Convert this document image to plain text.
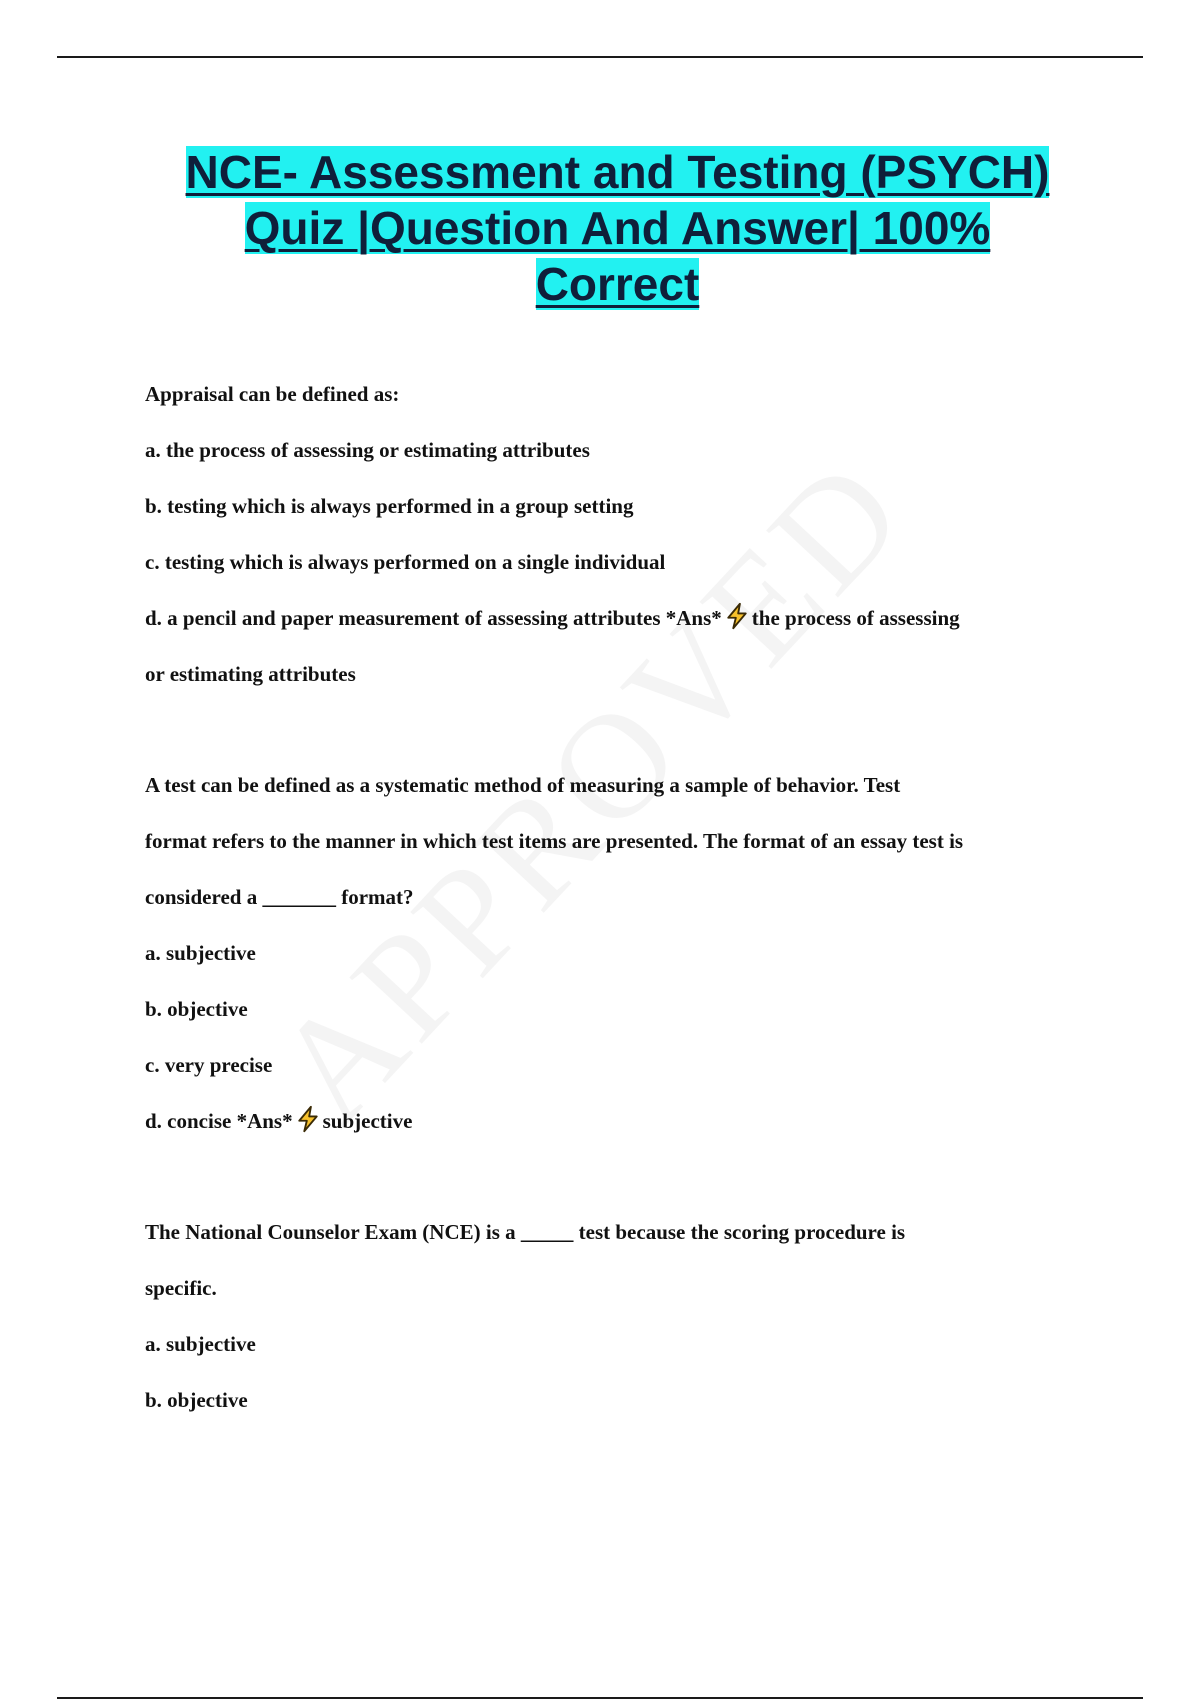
NCE- Assessment and Testing (PSYCH)
Quiz |Question And Answer| 100%
Correct

Appraisal can be defined as:

a. the process of assessing or estimating attributes

b. testing which is always performed in a group setting

c. testing which is always performed on a single individual

d. a pencil and paper measurement of assessing attributes *Ans* the process of assessing

or estimating attributes

A test can be defined as a systematic method of measuring a sample of behavior. Test

format refers to the manner in which test items are presented. The format of an essay test is

considered a _______ format?

a. subjective

b. objective

c. very precise

d. concise *Ans* subjective

The National Counselor Exam (NCE) is a _____ test because the scoring procedure is

specific.

a. subjective

b. objective
